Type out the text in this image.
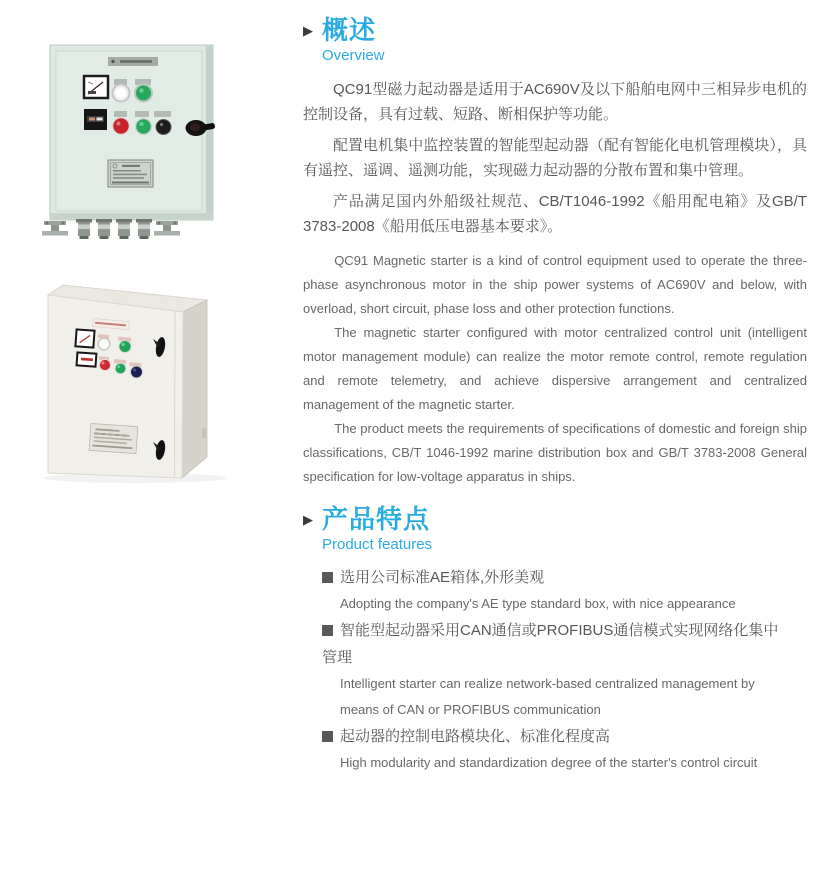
▶ 概述
Overview

QC91型磁力起动器是适用于AC690V及以下船舶电网中三相异步电机的控制设备，具有过载、短路、断相保护等功能。

配置电机集中监控装置的智能型起动器（配有智能化电机管理模块），具有遥控、遥调、遥测功能，实现磁力起动器的分散布置和集中管理。

产品满足国内外船级社规范、CB/T1046-1992《船用配电箱》及GB/T 3783-2008《船用低压电器基本要求》。

QC91 Magnetic starter is a kind of control equipment used to operate the three-phase asynchronous motor in the ship power systems of AC690V and below, with overload, short circuit, phase loss and other protection functions.

The magnetic starter configured with motor centralized control unit (intelligent motor management module) can realize the motor remote control, remote regulation and remote telemetry, and achieve dispersive arrangement and centralized management of the magnetic starter.

The product meets the requirements of specifications of domestic and foreign ship classifications, CB/T 1046-1992 marine distribution box and GB/T 3783-2008 General specification for low-voltage apparatus in ships.

▶ 产品特点
Product features
选用公司标准AE箱体,外形美观
Adopting the company's AE type standard box, with nice appearance
智能型起动器采用CAN通信或PROFIBUS通信模式实现网络化集中管理
Intelligent starter can realize network-based centralized management by means of CAN or PROFIBUS communication
起动器的控制电路模块化、标准化程度高
High modularity and standardization degree of the starter's control circuit
